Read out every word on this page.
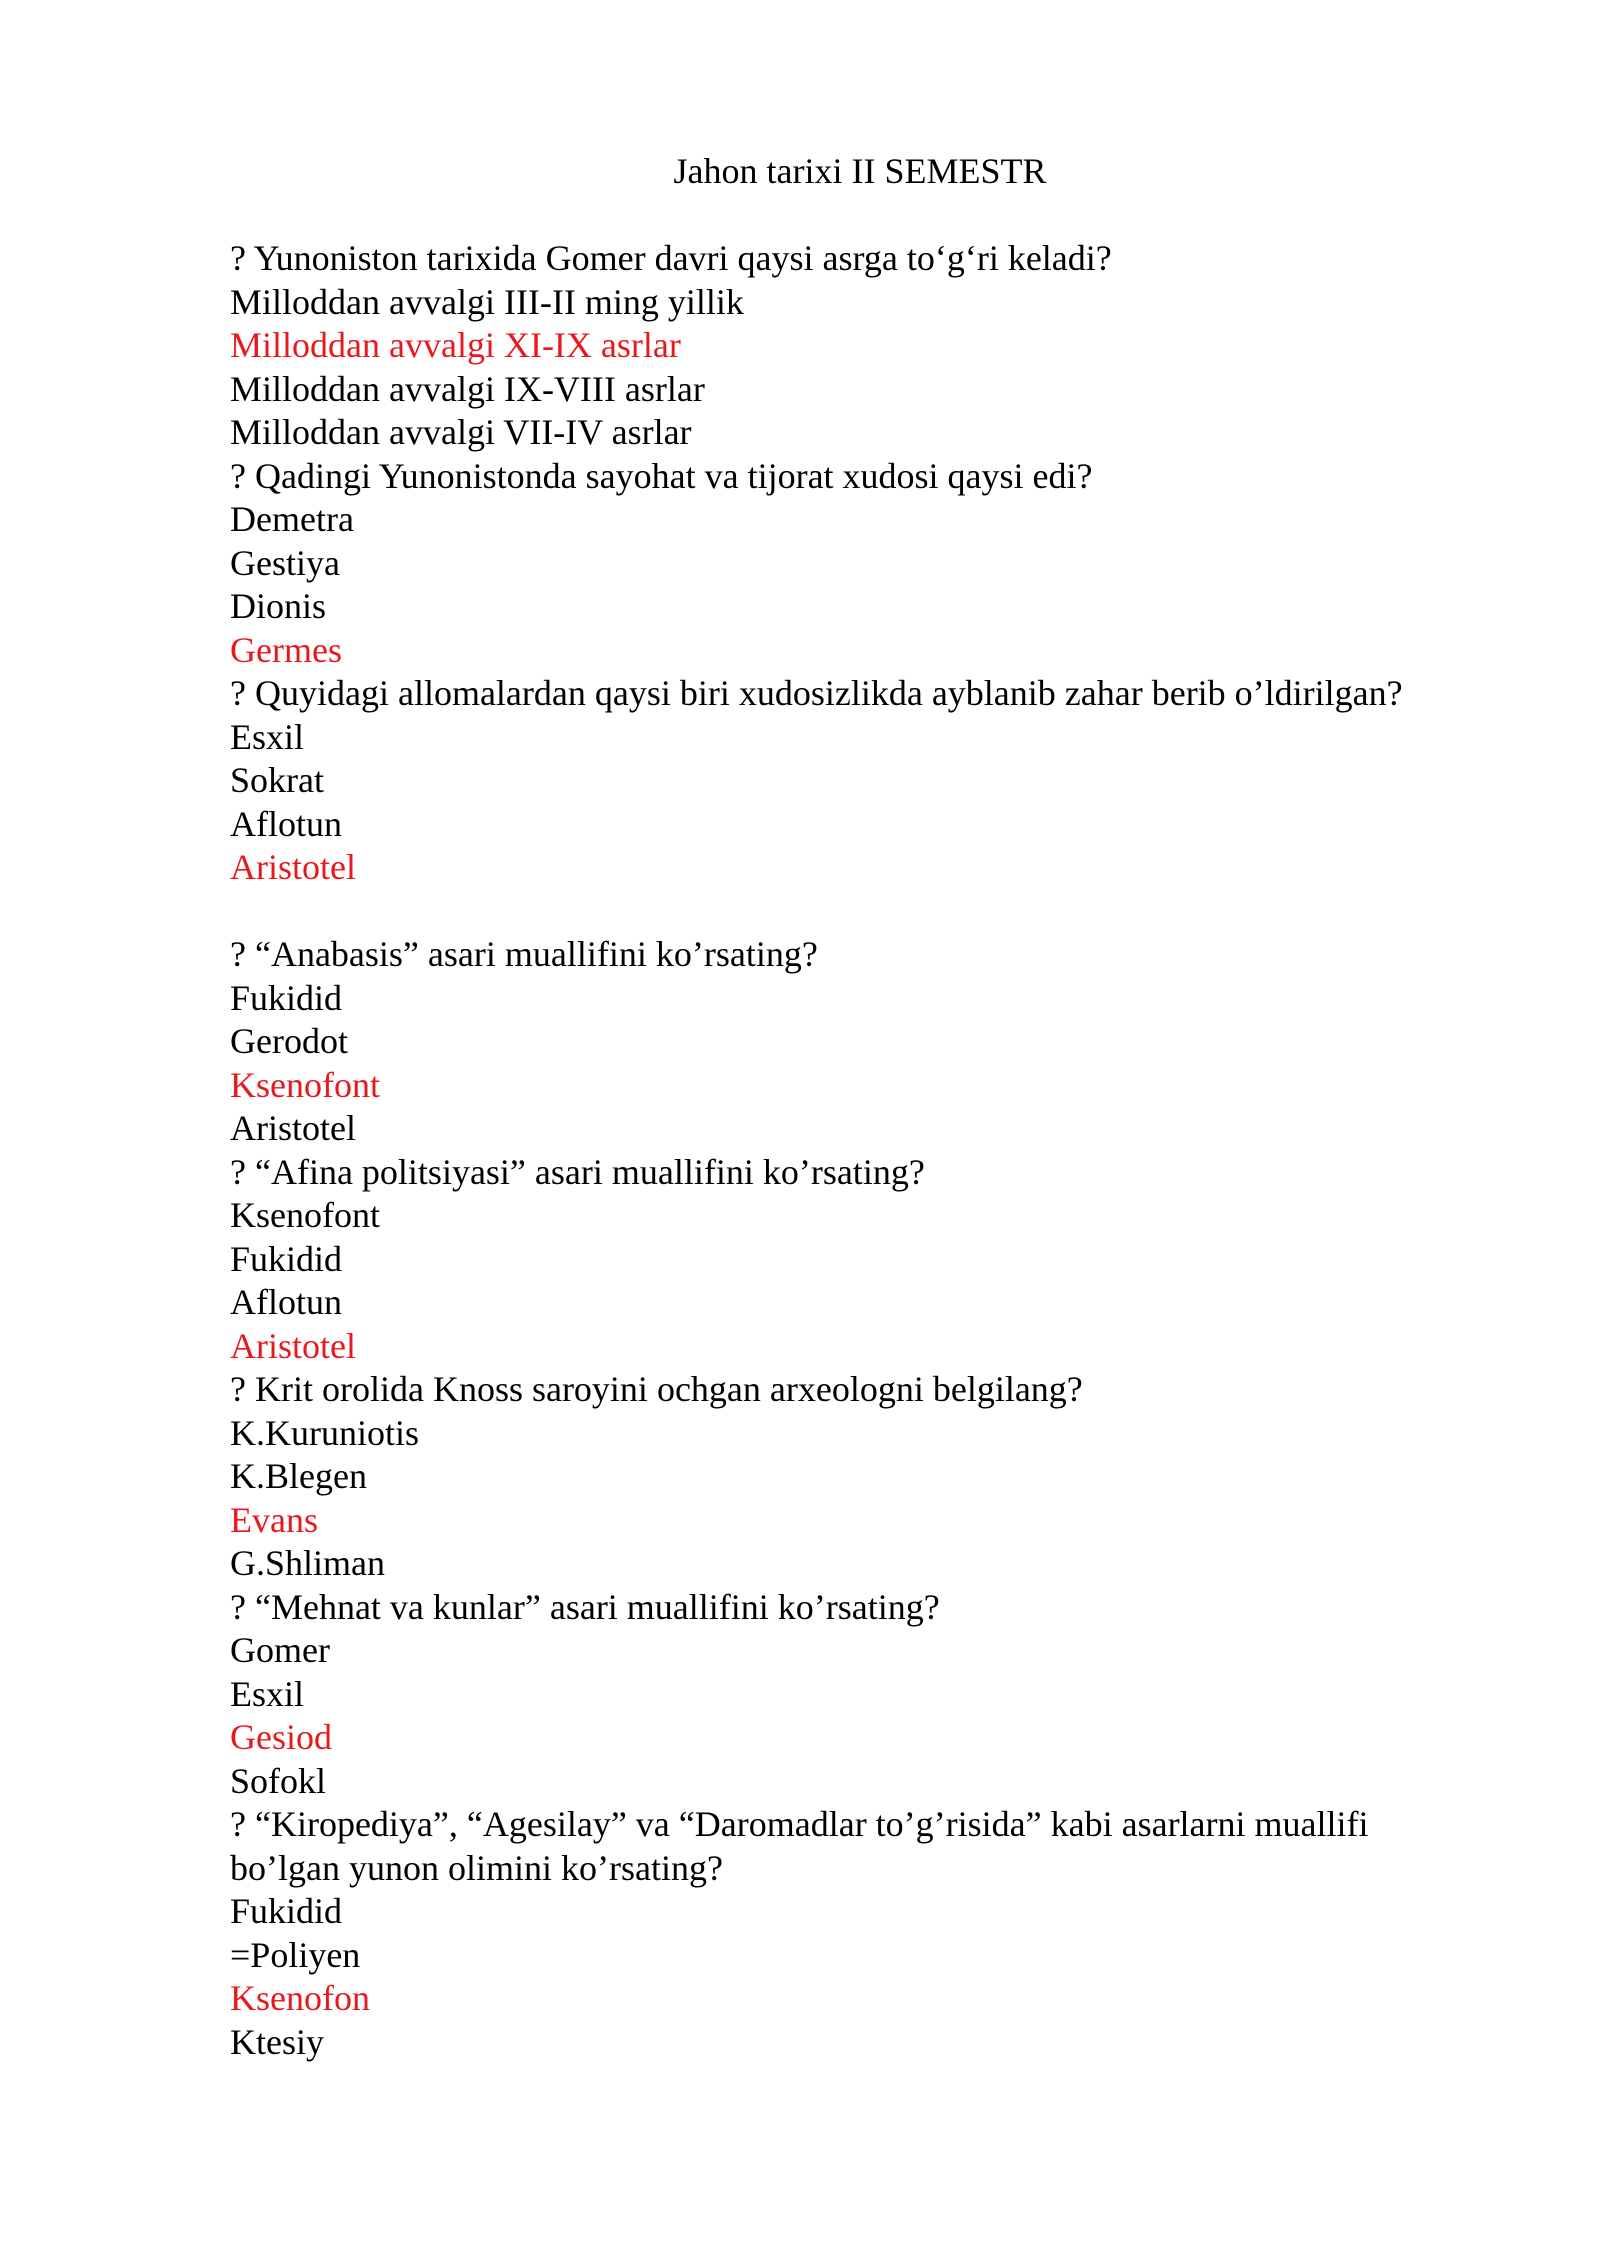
Jahon tarixi II SEMESTR

? Yunoniston tarixida Gomer davri qaysi asrga to‘g‘ri keladi?

Milloddan avvalgi III-II ming yillik

Milloddan avvalgi XI-IX asrlar

Milloddan avvalgi IX-VIII asrlar

Milloddan avvalgi VII-IV asrlar

? Qadingi Yunonistonda sayohat va tijorat xudosi qaysi edi?

Demetra

Gestiya

Dionis

Germes

? Quyidagi allomalardan qaysi biri xudosizlikda ayblanib zahar berib o’ldirilgan?

Esxil

Sokrat

Aflotun

Aristotel

? “Anabasis” asari muallifini ko’rsating?

Fukidid

Gerodot

Ksenofont

Aristotel

? “Afina politsiyasi” asari muallifini ko’rsating?

Ksenofont

Fukidid

Aflotun

Aristotel

? Krit orolida Knoss saroyini ochgan arxeologni belgilang?

K.Kuruniotis

K.Blegen

Evans

G.Shliman

? “Mehnat va kunlar” asari muallifini ko’rsating?

Gomer

Esxil

Gesiod

Sofokl

? “Kiropediya”, “Agesilay” va “Daromadlar to’g’risida” kabi asarlarni muallifi bo’lgan yunon olimini ko’rsating?

Fukidid

=Poliyen

Ksenofon

Ktesiy
